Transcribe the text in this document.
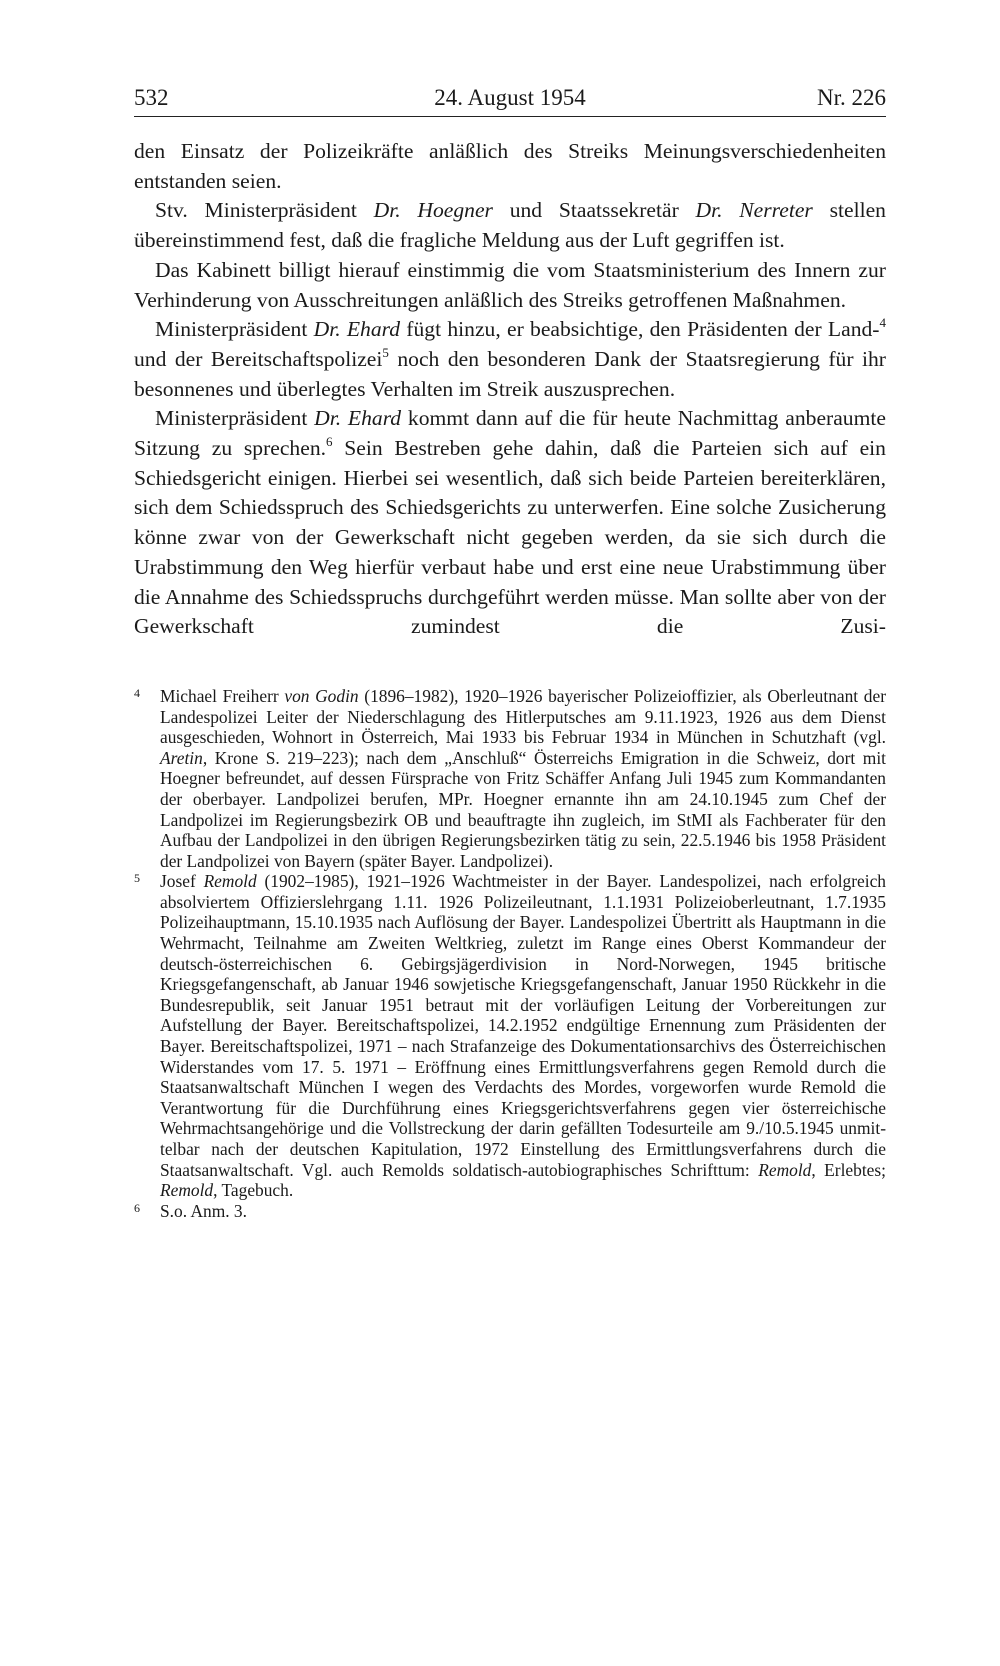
532	24. August 1954	Nr. 226

den Einsatz der Polizeikräfte anläßlich des Streiks Meinungsverschiedenheiten entstanden seien.

Stv. Ministerpräsident Dr. Hoegner und Staatssekretär Dr. Nerreter stellen übereinstimmend fest, daß die fragliche Meldung aus der Luft gegriffen ist.

Das Kabinett billigt hierauf einstimmig die vom Staatsministerium des Innern zur Verhinderung von Ausschreitungen anläßlich des Streiks getroffenen Maßnahmen.

Ministerpräsident Dr. Ehard fügt hinzu, er beabsichtige, den Präsidenten der Land-$^4$ und der Bereitschaftspolizei$^5$ noch den besonderen Dank der Staatsregierung für ihr besonnenes und überlegtes Verhalten im Streik auszusprechen.

Ministerpräsident Dr. Ehard kommt dann auf die für heute Nachmittag anberaumte Sitzung zu sprechen.$^6$ Sein Bestreben gehe dahin, daß die Parteien sich auf ein Schiedsgericht einigen. Hierbei sei wesentlich, daß sich beide Parteien bereiterklären, sich dem Schiedsspruch des Schiedsgerichts zu unterwerfen. Eine solche Zusicherung könne zwar von der Gewerkschaft nicht gegeben werden, da sie sich durch die Urabstimmung den Weg hierfür verbaut habe und erst eine neue Urabstimmung über die Annahme des Schiedsspruchs durchgeführt werden müsse. Man sollte aber von der Gewerkschaft zumindest die Zusi-

4 Michael Freiherr von Godin (1896–1982), 1920–1926 bayerischer Polizeioffizier, als Oberleutnant der Landespolizei Leiter der Niederschlagung des Hitlerputsches am 9.11.1923, 1926 aus dem Dienst ausgeschieden, Wohnort in Österreich, Mai 1933 bis Februar 1934 in München in Schutzhaft (vgl. Aretin, Krone S. 219–223); nach dem „Anschluß“ Österreichs Emigration in die Schweiz, dort mit Hoegner befreundet, auf dessen Fürsprache von Fritz Schäffer Anfang Juli 1945 zum Kommandanten der oberbayer. Landpolizei berufen, MPr. Hoegner ernannte ihn am 24.10.1945 zum Chef der Landpolizei im Regierungsbezirk OB und beauftragte ihn zugleich, im StMI als Fachberater für den Aufbau der Landpolizei in den übrigen Regierungsbezirken tätig zu sein, 22.5.1946 bis 1958 Präsident der Landpolizei von Bayern (später Bayer. Landpolizei).

5 Josef Remold (1902–1985), 1921–1926 Wachtmeister in der Bayer. Landespolizei, nach erfolgreich absolviertem Offizierslehrgang 1.11. 1926 Polizeileutnant, 1.1.1931 Polizeioberleutnant, 1.7.1935 Polizeihauptmann, 15.10.1935 nach Auflösung der Bayer. Landespolizei Übertritt als Hauptmann in die Wehrmacht, Teilnahme am Zweiten Weltkrieg, zuletzt im Range eines Oberst Kommandeur der deutsch-österreichischen 6. Gebirgsjägerdivision in Nord-Norwegen, 1945 britische Kriegsgefangenschaft, ab Januar 1946 sowjetische Kriegsgefangenschaft, Januar 1950 Rückkehr in die Bundesrepublik, seit Januar 1951 betraut mit der vorläufigen Leitung der Vorbereitungen zur Aufstellung der Bayer. Bereitschaftspolizei, 14.2.1952 endgültige Ernennung zum Präsidenten der Bayer. Bereitschaftspolizei, 1971 – nach Strafanzeige des Dokumentationsarchivs des Österreichischen Widerstandes vom 17. 5. 1971 – Eröffnung eines Ermittlungsverfahrens gegen Remold durch die Staatsanwaltschaft München I wegen des Verdachts des Mordes, vorgeworfen wurde Remold die Verantwortung für die Durchführung eines Kriegsgerichtsverfahrens gegen vier österreichische Wehrmachtsangehörige und die Vollstreckung der darin gefällten Todesurteile am 9./10.5.1945 unmittelbar nach der deutschen Kapitulation, 1972 Einstellung des Ermittlungsverfahrens durch die Staatsanwaltschaft. Vgl. auch Remolds soldatisch-autobiographisches Schrifttum: Remold, Erlebtes; Remold, Tagebuch.

6 S.o. Anm. 3.
